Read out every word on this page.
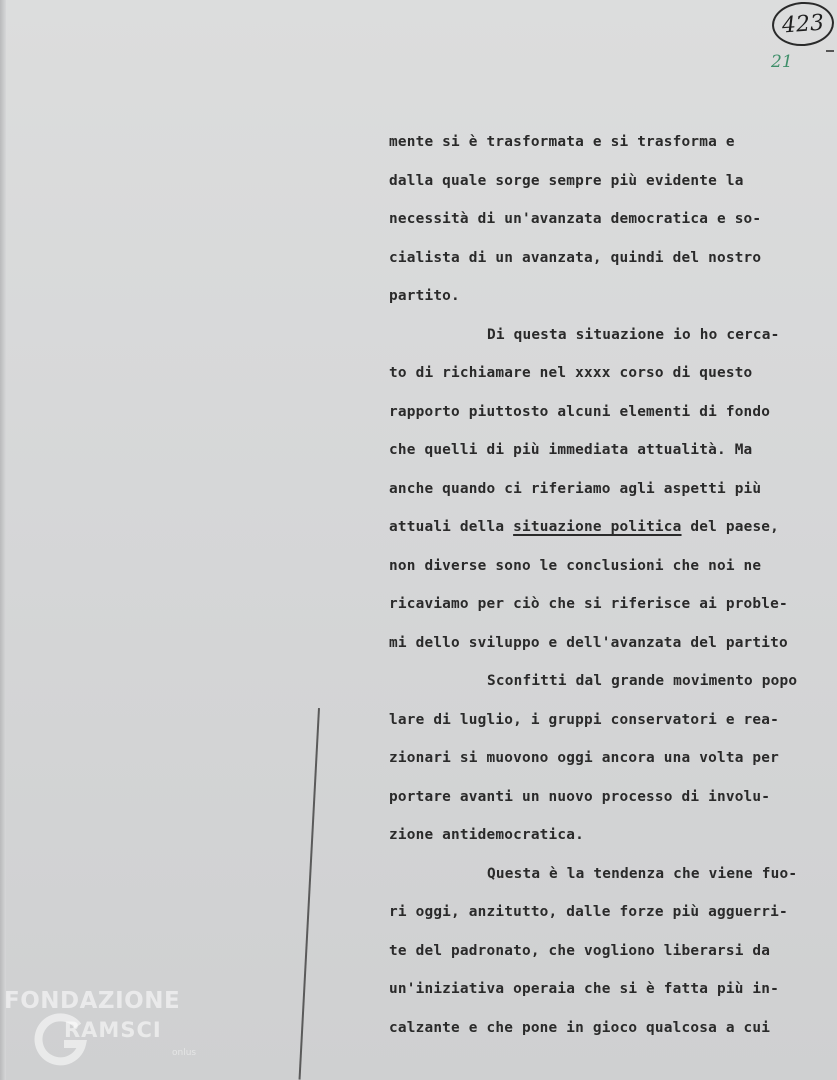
423
21
mente si è trasformata e si trasforma e
dalla quale sorge sempre più evidente la
necessità di un'avanzata democratica e so-
cialista di un avanzata, quindi del nostro
partito.
Di questa situazione io ho cerca-
to di richiamare nel xxxx corso di questo
rapporto piuttosto alcuni elementi di fondo
che quelli di più immediata attualità. Ma
anche quando ci riferiamo agli aspetti più
attuali della situazione politica del paese,
non diverse sono le conclusioni che noi ne
ricaviamo per ciò che si riferisce ai proble-
mi dello sviluppo e dell'avanzata del partito
Sconfitti dal grande movimento popo
lare di luglio, i gruppi conservatori e rea-
zionari si muovono oggi ancora una volta per
portare avanti un nuovo processo di involu-
zione antidemocratica.
Questa è la tendenza che viene fuo-
ri oggi, anzitutto, dalle forze più agguerri-
te del padronato, che vogliono liberarsi da
un'iniziativa operaia che si è fatta più in-
calzante e che pone in gioco qualcosa a cui
FONDAZIONE
RAMSCI
onlus
